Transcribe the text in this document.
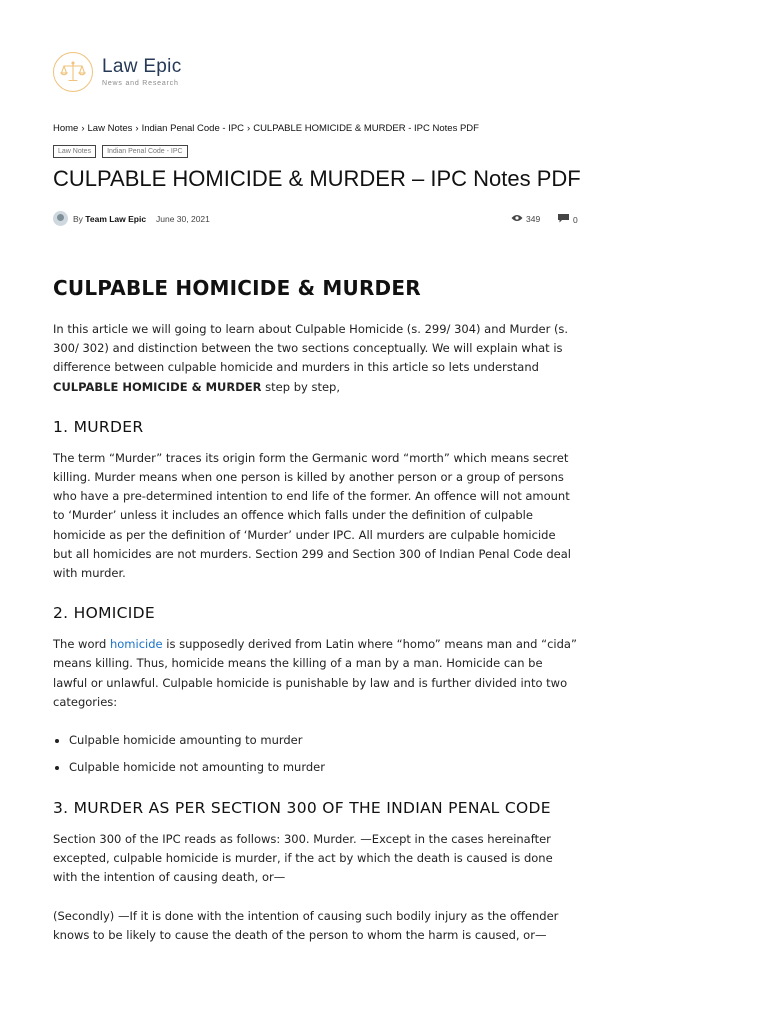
Law Epic
News and Research
Home › Law Notes › Indian Penal Code - IPC › CULPABLE HOMICIDE & MURDER - IPC Notes PDF
Law Notes	Indian Penal Code - IPC
CULPABLE HOMICIDE & MURDER – IPC Notes PDF
By Team Law Epic June 30, 2021	349	0
CULPABLE HOMICIDE & MURDER

In this article we will going to learn about Culpable Homicide (s. 299/ 304) and Murder (s. 300/ 302) and distinction between the two sections conceptually. We will explain what is difference between culpable homicide and murders in this article so lets understand CULPABLE HOMICIDE & MURDER step by step,

1. MURDER

The term “Murder” traces its origin form the Germanic word “morth” which means secret killing. Murder means when one person is killed by another person or a group of persons who have a pre-determined intention to end life of the former. An offence will not amount to ‘Murder’ unless it includes an offence which falls under the definition of culpable homicide as per the definition of ‘Murder’ under IPC. All murders are culpable homicide but all homicides are not murders. Section 299 and Section 300 of Indian Penal Code deal with murder.

2. HOMICIDE

The word homicide is supposedly derived from Latin where “homo” means man and “cida” means killing. Thus, homicide means the killing of a man by a man. Homicide can be lawful or unlawful. Culpable homicide is punishable by law and is further divided into two categories:

• Culpable homicide amounting to murder
• Culpable homicide not amounting to murder
3. MURDER AS PER SECTION 300 OF THE INDIAN PENAL CODE

Section 300 of the IPC reads as follows: 300. Murder. —Except in the cases hereinafter excepted, culpable homicide is murder, if the act by which the death is caused is done with the intention of causing death, or—

(Secondly) —If it is done with the intention of causing such bodily injury as the offender knows to be likely to cause the death of the person to whom the harm is caused, or—
